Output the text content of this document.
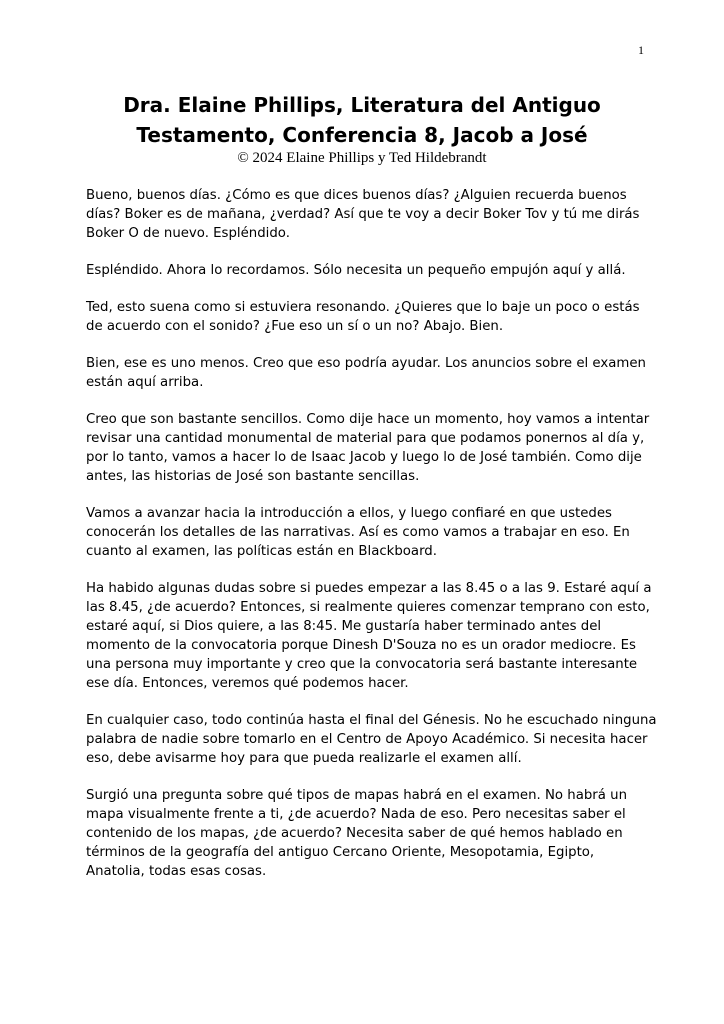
1
Dra. Elaine Phillips, Literatura del Antiguo
Testamento, Conferencia 8, Jacob a José
© 2024 Elaine Phillips y Ted Hildebrandt

Bueno, buenos días. ¿Cómo es que dices buenos días? ¿Alguien recuerda buenos
días? Boker es de mañana, ¿verdad? Así que te voy a decir Boker Tov y tú me dirás
Boker O de nuevo. Espléndido.

Espléndido. Ahora lo recordamos. Sólo necesita un pequeño empujón aquí y allá.

Ted, esto suena como si estuviera resonando. ¿Quieres que lo baje un poco o estás
de acuerdo con el sonido? ¿Fue eso un sí o un no? Abajo. Bien.

Bien, ese es uno menos. Creo que eso podría ayudar. Los anuncios sobre el examen
están aquí arriba.

Creo que son bastante sencillos. Como dije hace un momento, hoy vamos a intentar
revisar una cantidad monumental de material para que podamos ponernos al día y,
por lo tanto, vamos a hacer lo de Isaac Jacob y luego lo de José también. Como dije
antes, las historias de José son bastante sencillas.

Vamos a avanzar hacia la introducción a ellos, y luego confiaré en que ustedes
conocerán los detalles de las narrativas. Así es como vamos a trabajar en eso. En
cuanto al examen, las políticas están en Blackboard.

Ha habido algunas dudas sobre si puedes empezar a las 8.45 o a las 9. Estaré aquí a
las 8.45, ¿de acuerdo? Entonces, si realmente quieres comenzar temprano con esto,
estaré aquí, si Dios quiere, a las 8:45. Me gustaría haber terminado antes del
momento de la convocatoria porque Dinesh D'Souza no es un orador mediocre. Es
una persona muy importante y creo que la convocatoria será bastante interesante
ese día. Entonces, veremos qué podemos hacer.

En cualquier caso, todo continúa hasta el final del Génesis. No he escuchado ninguna
palabra de nadie sobre tomarlo en el Centro de Apoyo Académico. Si necesita hacer
eso, debe avisarme hoy para que pueda realizarle el examen allí.

Surgió una pregunta sobre qué tipos de mapas habrá en el examen. No habrá un
mapa visualmente frente a ti, ¿de acuerdo? Nada de eso. Pero necesitas saber el
contenido de los mapas, ¿de acuerdo? Necesita saber de qué hemos hablado en
términos de la geografía del antiguo Cercano Oriente, Mesopotamia, Egipto,
Anatolia, todas esas cosas.
